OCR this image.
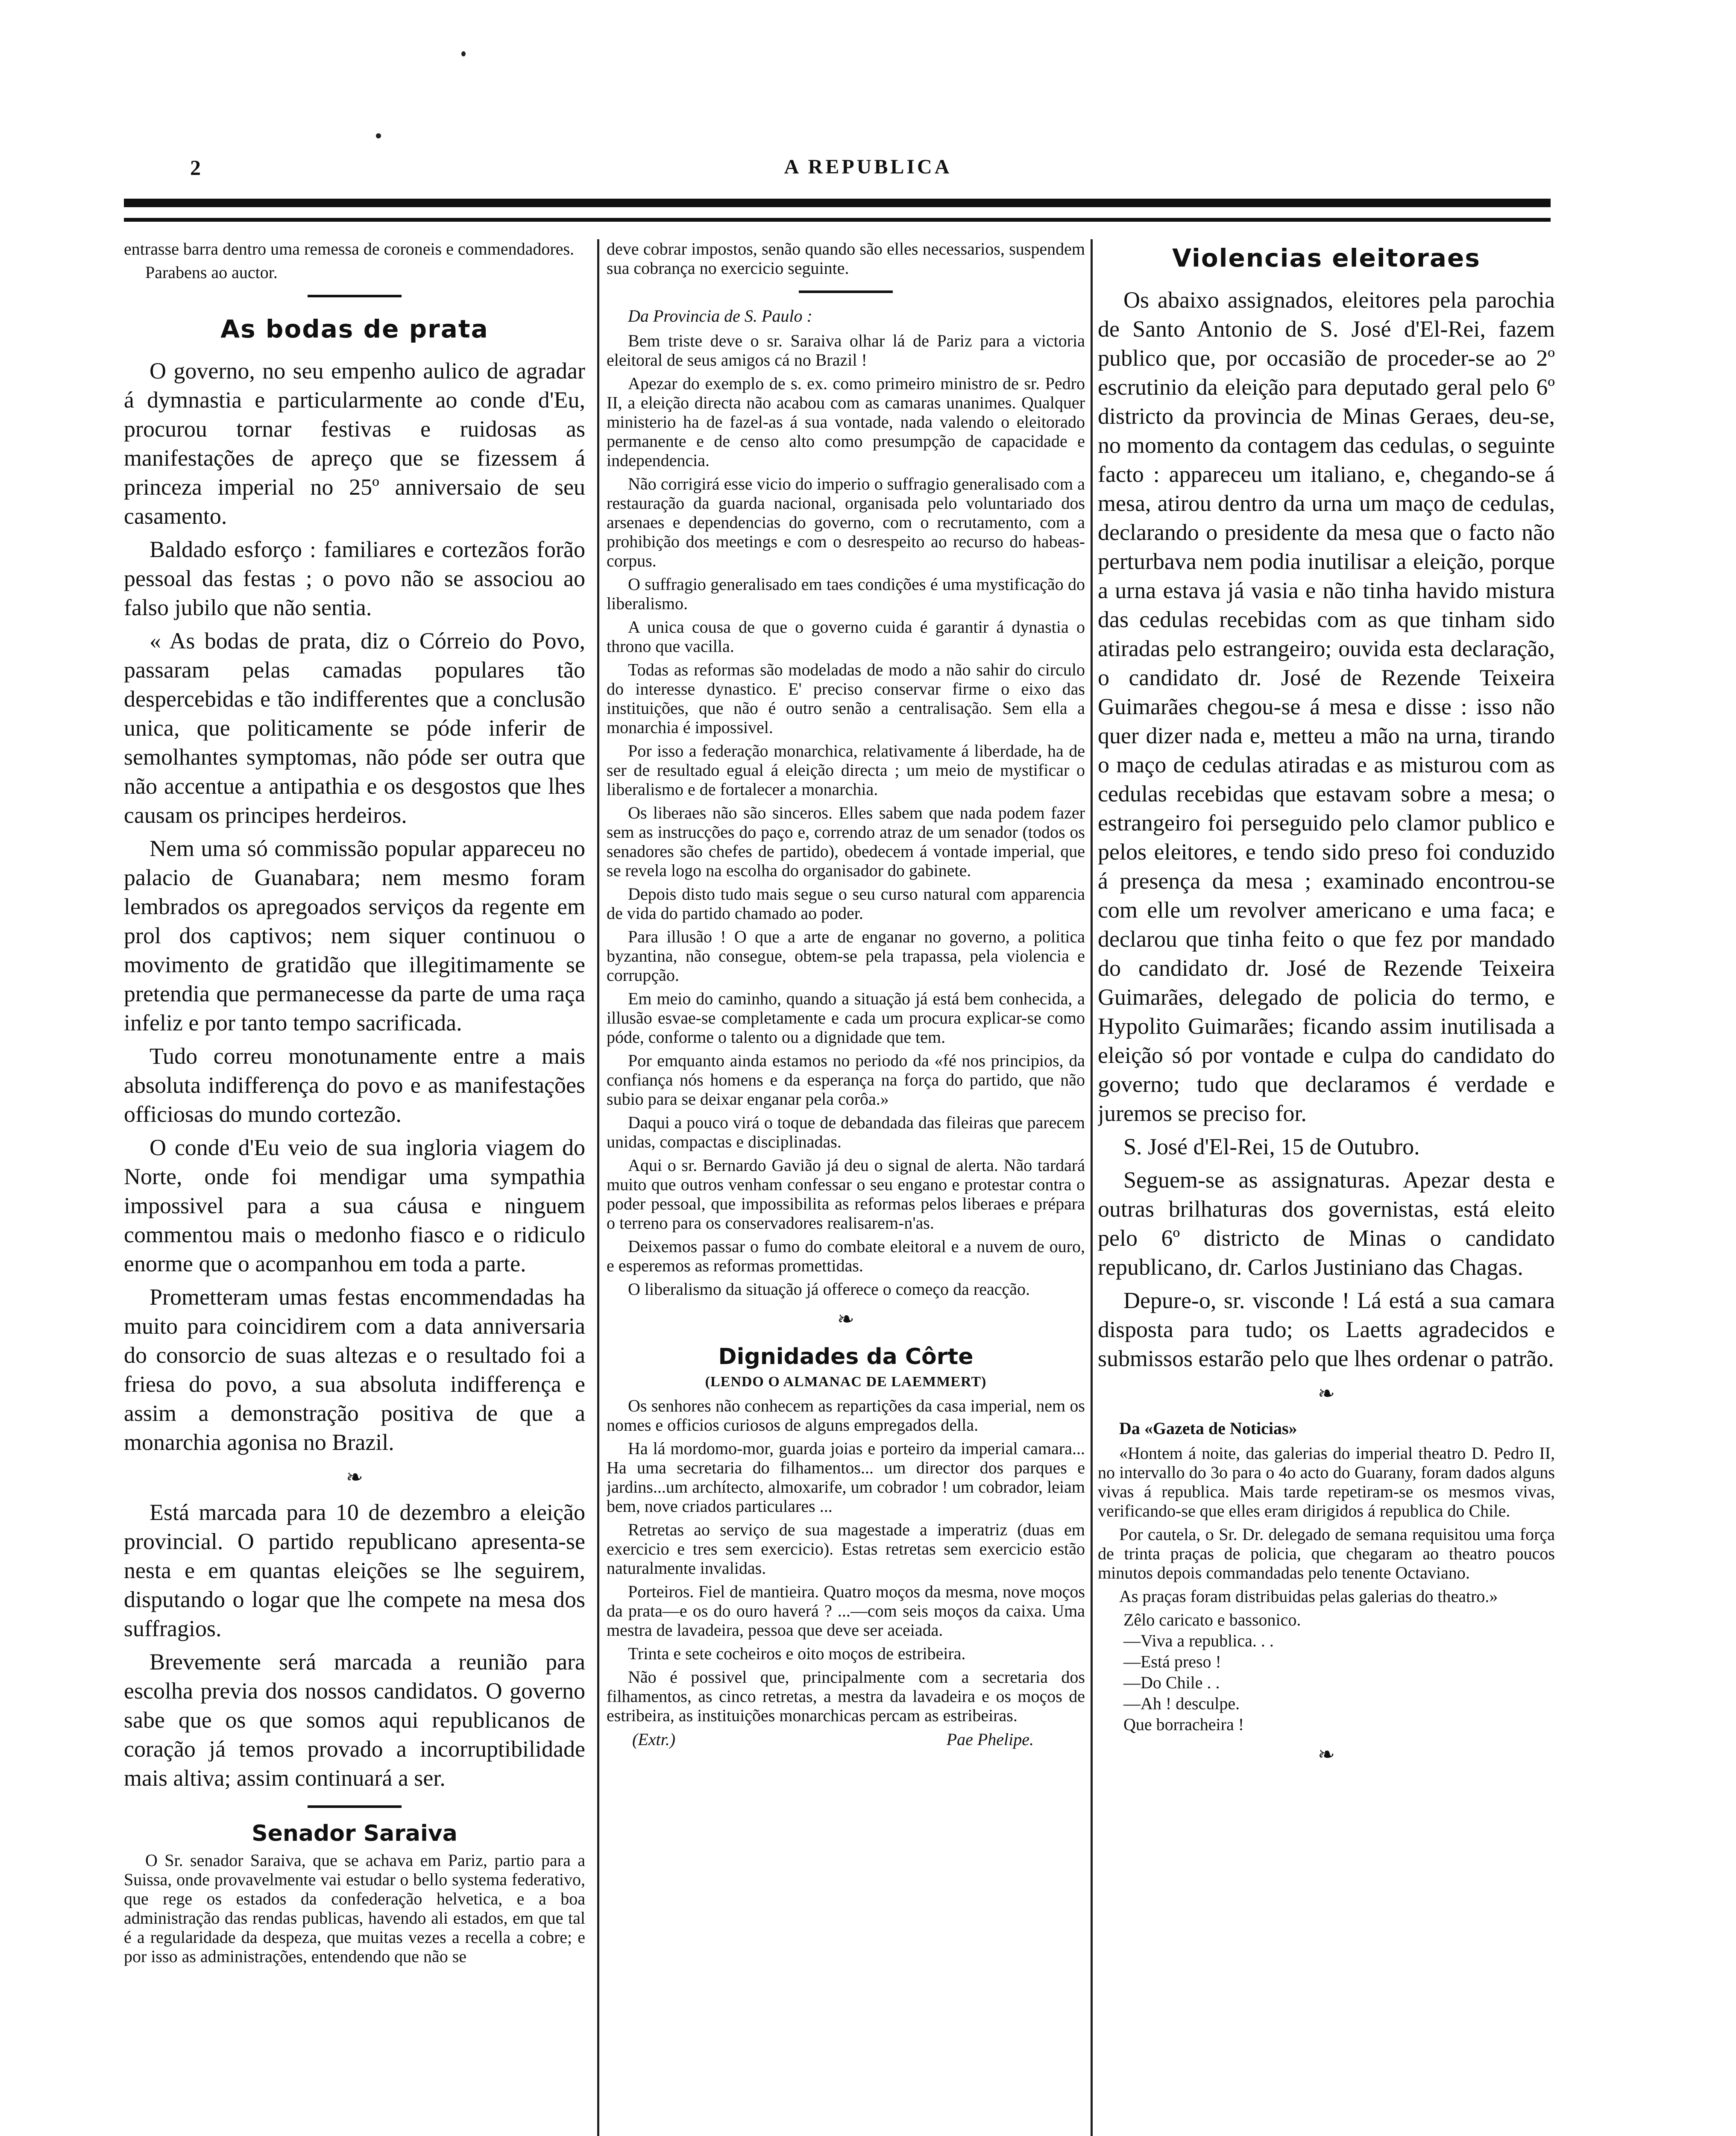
2	A REPUBLICA

entrasse barra dentro uma remessa de coroneis e commendadores.

Parabens ao auctor.

As bodas de prata

O governo, no seu empenho aulico de agradar á dymnastia e particularmente ao conde d'Eu, procurou tornar festivas e ruidosas as manifestações de apreço que se fizessem á princeza imperial no 25º anniversaio de seu casamento.

Baldado esforço : familiares e cortezãos forão pessoal das festas ; o povo não se associou ao falso jubilo que não sentia.

« As bodas de prata, diz o Córreio do Povo, passaram pelas camadas populares tão despercebidas e tão indifferentes que a conclusão unica, que politicamente se póde inferir de semolhantes symptomas, não póde ser outra que não accentue a antipathia e os desgostos que lhes causam os principes herdeiros.

Nem uma só commissão popular appareceu no palacio de Guanabara; nem mesmo foram lembrados os apregoados serviços da regente em prol dos captivos; nem siquer continuou o movimento de gratidão que illegitimamente se pretendia que permanecesse da parte de uma raça infeliz e por tanto tempo sacrificada.

Tudo correu monotunamente entre a mais absoluta indifferença do povo e as manifestações officiosas do mundo cortezão.

O conde d'Eu veio de sua ingloria viagem do Norte, onde foi mendigar uma sympathia impossivel para a sua cáusa e ninguem commentou mais o medonho fiasco e o ridiculo enorme que o acompanhou em toda a parte.

Prometteram umas festas encommendadas ha muito para coincidirem com a data anniversaria do consorcio de suas altezas e o resultado foi a friesa do povo, a sua absoluta indifferença e assim a demonstração positiva de que a monarchia agonisa no Brazil.

❧

Está marcada para 10 de dezembro a eleição provincial. O partido republicano apresenta-se nesta e em quantas eleições se lhe seguirem, disputando o logar que lhe compete na mesa dos suffragios.

Brevemente será marcada a reunião para escolha previa dos nossos candidatos. O governo sabe que os que somos aqui republicanos de coração já temos provado a incorruptibilidade mais altiva; assim continuará a ser.

Senador Saraiva

O Sr. senador Saraiva, que se achava em Pariz, partio para a Suissa, onde provavelmente vai estudar o bello systema federativo, que rege os estados da confederação helvetica, e a boa administração das rendas publicas, havendo ali estados, em que tal é a regularidade da despeza, que muitas vezes a recella a cobre; e por isso as administrações, entendendo que não se

deve cobrar impostos, senão quando são elles necessarios, suspendem sua cobrança no exercicio seguinte.

Da Provincia de S. Paulo :

Bem triste deve o sr. Saraiva olhar lá de Pariz para a victoria eleitoral de seus amigos cá no Brazil !

Apezar do exemplo de s. ex. como primeiro ministro de sr. Pedro II, a eleição directa não acabou com as camaras unanimes. Qualquer ministerio ha de fazel-as á sua vontade, nada valendo o eleitorado permanente e de censo alto como presumpção de capacidade e independencia.

Não corrigirá esse vicio do imperio o suffragio generalisado com a restauração da guarda nacional, organisada pelo voluntariado dos arsenaes e dependencias do governo, com o recrutamento, com a prohibição dos meetings e com o desrespeito ao recurso do habeas-corpus.

O suffragio generalisado em taes condições é uma mystificação do liberalismo.

A unica cousa de que o governo cuida é garantir á dynastia o throno que vacilla.

Todas as reformas são modeladas de modo a não sahir do circulo do interesse dynastico. E' preciso conservar firme o eixo das instituições, que não é outro senão a centralisação. Sem ella a monarchia é impossivel.

Por isso a federação monarchica, relativamente á liberdade, ha de ser de resultado egual á eleição directa ; um meio de mystificar o liberalismo e de fortalecer a monarchia.

Os liberaes não são sinceros. Elles sabem que nada podem fazer sem as instrucções do paço e, correndo atraz de um senador (todos os senadores são chefes de partido), obedecem á vontade imperial, que se revela logo na escolha do organisador do gabinete.

Depois disto tudo mais segue o seu curso natural com apparencia de vida do partido chamado ao poder.

Para illusão ! O que a arte de enganar no governo, a politica byzantina, não consegue, obtem-se pela trapassa, pela violencia e corrupção.

Em meio do caminho, quando a situação já está bem conhecida, a illusão esvae-se completamente e cada um procura explicar-se como póde, conforme o talento ou a dignidade que tem.

Por emquanto ainda estamos no periodo da «fé nos principios, da confiança nós homens e da esperança na força do partido, que não subio para se deixar enganar pela corôa.»

Daqui a pouco virá o toque de debandada das fileiras que parecem unidas, compactas e disciplinadas.

Aqui o sr. Bernardo Gavião já deu o signal de alerta. Não tardará muito que outros venham confessar o seu engano e protestar contra o poder pessoal, que impossibilita as reformas pelos liberaes e prépara o terreno para os conservadores realisarem-n'as.

Deixemos passar o fumo do combate eleitoral e a nuvem de ouro, e esperemos as reformas promettidas.

O liberalismo da situação já offerece o começo da reacção.

❧
Dignidades da Côrte
(LENDO O ALMANAC DE LAEMMERT)

Os senhores não conhecem as repartições da casa imperial, nem os nomes e officios curiosos de alguns empregados della.

Ha lá mordomo-mor, guarda joias e porteiro da imperial camara... Ha uma secretaria do filhamentos... um director dos parques e jardins...um archítecto, almoxarife, um cobrador ! um cobrador, leiam bem, nove criados particulares ...

Retretas ao serviço de sua magestade a imperatriz (duas em exercicio e tres sem exercicio). Estas retretas sem exercicio estão naturalmente invalidas.

Porteiros. Fiel de mantieira. Quatro moços da mesma, nove moços da prata—e os do ouro haverá ? ...—com seis moços da caixa. Uma mestra de lavadeira, pessoa que deve ser aceiada.

Trinta e sete cocheiros e oito moços de estribeira.

Não é possivel que, principalmente com a secretaria dos filhamentos, as cinco retretas, a mestra da lavadeira e os moços de estribeira, as instituições monarchicas percam as estribeiras.

(Extr.)	Pae Phelipe.
Violencias eleitoraes

Os abaixo assignados, eleitores pela parochia de Santo Antonio de S. José d'El-Rei, fazem publico que, por occasião de proceder-se ao 2º escrutinio da eleição para deputado geral pelo 6º districto da provincia de Minas Geraes, deu-se, no momento da contagem das cedulas, o seguinte facto : appareceu um italiano, e, chegando-se á mesa, atirou dentro da urna um maço de cedulas, declarando o presidente da mesa que o facto não perturbava nem podia inutilisar a eleição, porque a urna estava já vasia e não tinha havido mistura das cedulas recebidas com as que tinham sido atiradas pelo estrangeiro; ouvida esta declaração, o candidato dr. José de Rezende Teixeira Guimarães chegou-se á mesa e disse : isso não quer dizer nada e, metteu a mão na urna, tirando o maço de cedulas atiradas e as misturou com as cedulas recebidas que estavam sobre a mesa; o estrangeiro foi perseguido pelo clamor publico e pelos eleitores, e tendo sido preso foi conduzido á presença da mesa ; examinado encontrou-se com elle um revolver americano e uma faca; e declarou que tinha feito o que fez por mandado do candidato dr. José de Rezende Teixeira Guimarães, delegado de policia do termo, e Hypolito Guimarães; ficando assim inutilisada a eleição só por vontade e culpa do candidato do governo; tudo que declaramos é verdade e juremos se preciso for.

S. José d'El-Rei, 15 de Outubro.

Seguem-se as assignaturas. Apezar desta e outras brilhaturas dos governistas, está eleito pelo 6º districto de Minas o candidato republicano, dr. Carlos Justiniano das Chagas.

Depure-o, sr. visconde ! Lá está a sua camara disposta para tudo; os Laetts agradecidos e submissos estarão pelo que lhes ordenar o patrão.

❧
Da «Gazeta de Noticias»

«Hontem á noite, das galerias do imperial theatro D. Pedro II, no intervallo do 3o para o 4o acto do Guarany, foram dados alguns vivas á republica. Mais tarde repetiram-se os mesmos vivas, verificando-se que elles eram dirigidos á republica do Chile.

Por cautela, o Sr. Dr. delegado de semana requisitou uma força de trinta praças de policia, que chegaram ao theatro poucos minutos depois commandadas pelo tenente Octaviano.

As praças foram distribuidas pelas galerias do theatro.»

Zêlo caricato e bassonico.

—Viva a republica. . .

—Está preso !

—Do Chile . .

—Ah ! desculpe.

Que borracheira !

❧
